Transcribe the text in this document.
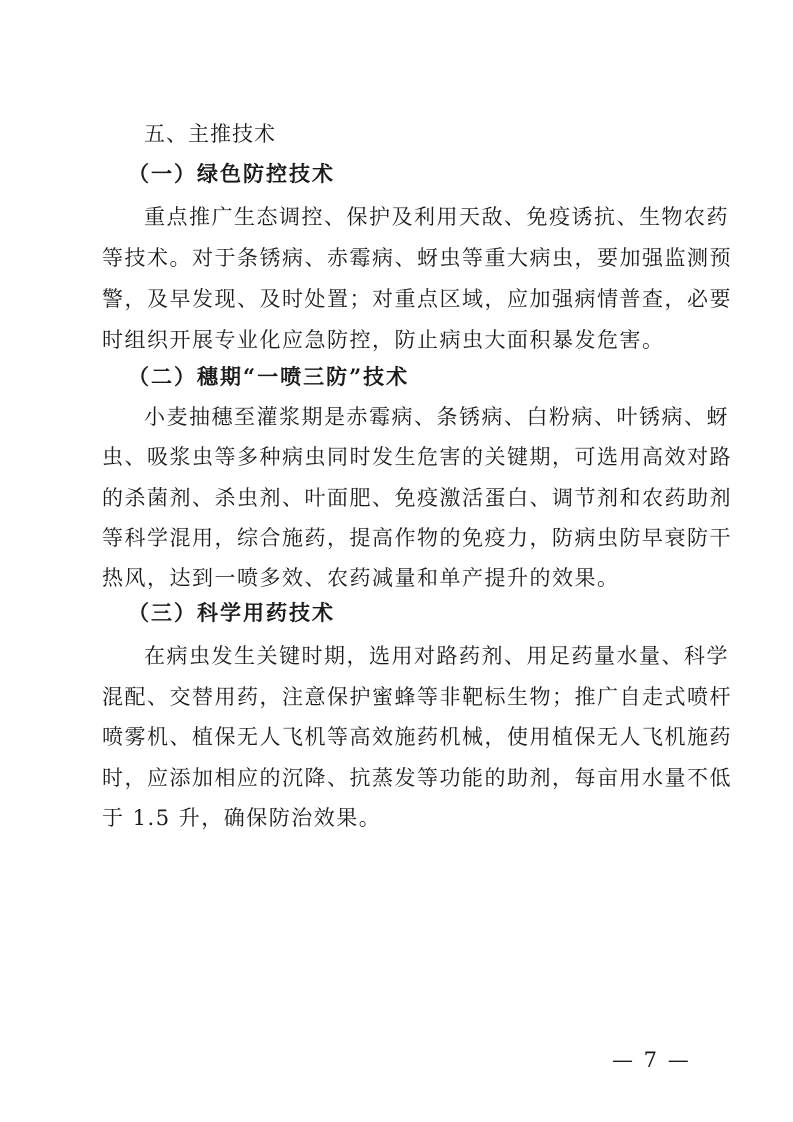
五、主推技术
（一）绿色防控技术
重点推广生态调控、保护及利用天敌、免疫诱抗、生物农药
等技术。对于条锈病、赤霉病、蚜虫等重大病虫，要加强监测预
警，及早发现、及时处置；对重点区域，应加强病情普查，必要
时组织开展专业化应急防控，防止病虫大面积暴发危害。
（二）穗期“一喷三防”技术
小麦抽穗至灌浆期是赤霉病、条锈病、白粉病、叶锈病、蚜
虫、吸浆虫等多种病虫同时发生危害的关键期，可选用高效对路
的杀菌剂、杀虫剂、叶面肥、免疫激活蛋白、调节剂和农药助剂
等科学混用，综合施药，提高作物的免疫力，防病虫防早衰防干
热风，达到一喷多效、农药减量和单产提升的效果。
（三）科学用药技术
在病虫发生关键时期，选用对路药剂、用足药量水量、科学
混配、交替用药，注意保护蜜蜂等非靶标生物；推广自走式喷杆
喷雾机、植保无人飞机等高效施药机械，使用植保无人飞机施药
时，应添加相应的沉降、抗蒸发等功能的助剂，每亩用水量不低
于 1.5 升，确保防治效果。
— 7 —
